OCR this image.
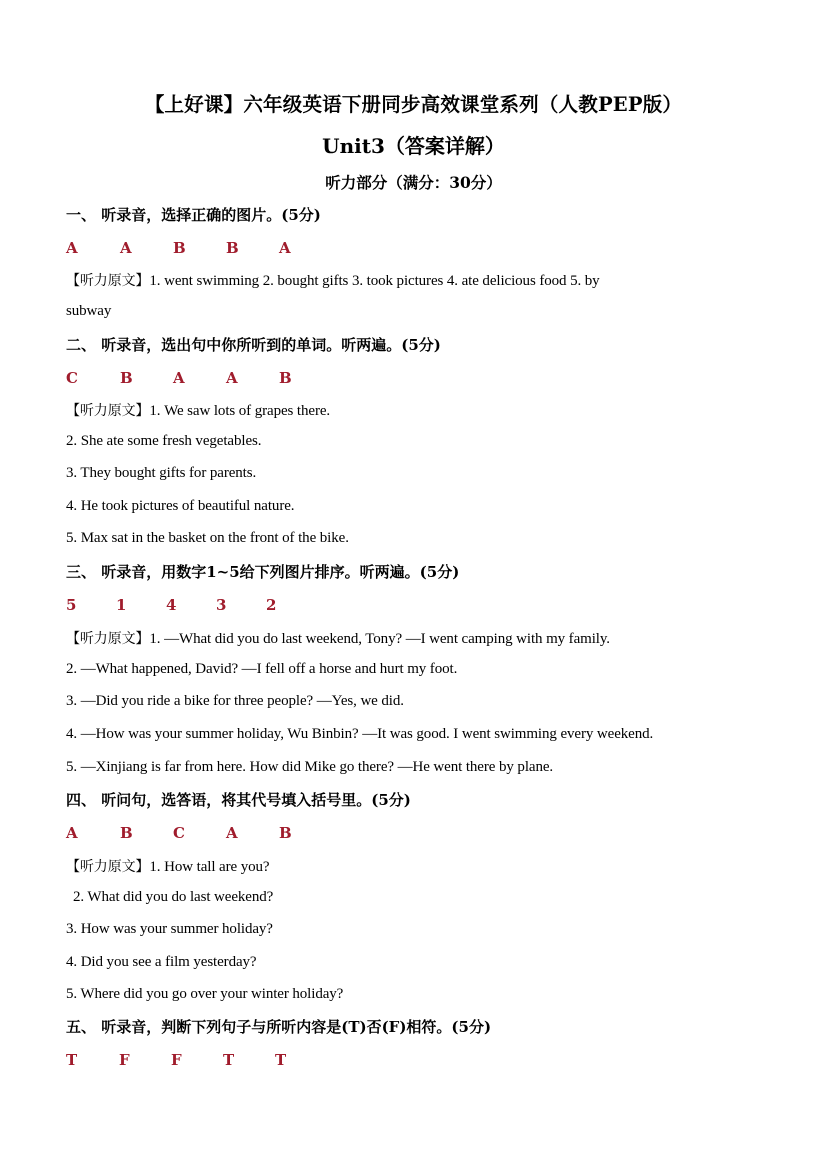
【上好课】六年级英语下册同步高效课堂系列（人教PEP版）
Unit3（答案详解）
听力部分（满分：30分）
一、 听录音，选择正确的图片。(5分)
A	A	B	B	A
【听力原文】1. went swimming 2. bought gifts 3. took pictures 4. ate delicious food 5. by
subway
二、 听录音，选出句中你所听到的单词。听两遍。(5分)
C	B	A	A	B
【听力原文】1. We saw lots of grapes there.
2. She ate some fresh vegetables.
3. They bought gifts for parents.
4. He took pictures of beautiful nature.
5. Max sat in the basket on the front of the bike.
三、 听录音，用数字1~5给下列图片排序。听两遍。(5分)
5	1	4	3	2
【听力原文】1. —What did you do last weekend, Tony? —I went camping with my family.
2. —What happened, David? —I fell off a horse and hurt my foot.
3. —Did you ride a bike for three people? —Yes, we did.
4. —How was your summer holiday, Wu Binbin? —It was good. I went swimming every weekend.
5. —Xinjiang is far from here. How did Mike go there? —He went there by plane.
四、 听问句，选答语，将其代号填入括号里。(5分)
A	B	C	A	B
【听力原文】1. How tall are you?
2. What did you do last weekend?
3. How was your summer holiday?
4. Did you see a film yesterday?
5. Where did you go over your winter holiday?
五、 听录音，判断下列句子与所听内容是(T)否(F)相符。(5分)
T	F	F	T	T
